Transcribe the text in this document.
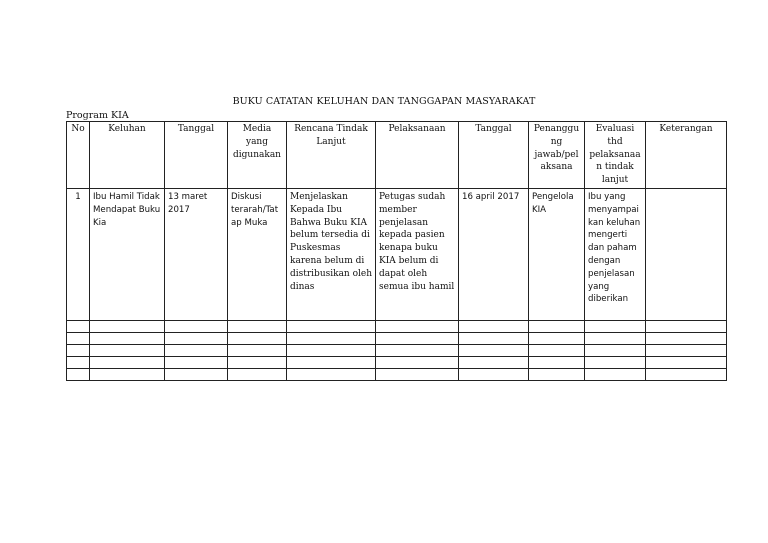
BUKU CATATAN KELUHAN DAN TANGGAPAN MASYARAKAT
Program KIA
No	Keluhan	Tanggal	Media yang digunakan	Rencana Tindak Lanjut	Pelaksanaan	Tanggal	Penanggung jawab/pelaksana	Evaluasi thd pelaksanaan tindak lanjut	Keterangan
1	Ibu Hamil Tidak Mendapat Buku Kia	13 maret 2017	Diskusi terarah/Tatap Muka	Menjelaskan Kepada Ibu Bahwa Buku KIA belum tersedia di Puskesmas karena belum di distribusikan oleh dinas	Petugas sudah member penjelasan kepada pasien kenapa buku KIA belum di dapat oleh semua ibu hamil	16 april 2017	Pengelola KIA	Ibu yang menyampaikan keluhan mengerti dan paham dengan penjelasan yang diberikan	
